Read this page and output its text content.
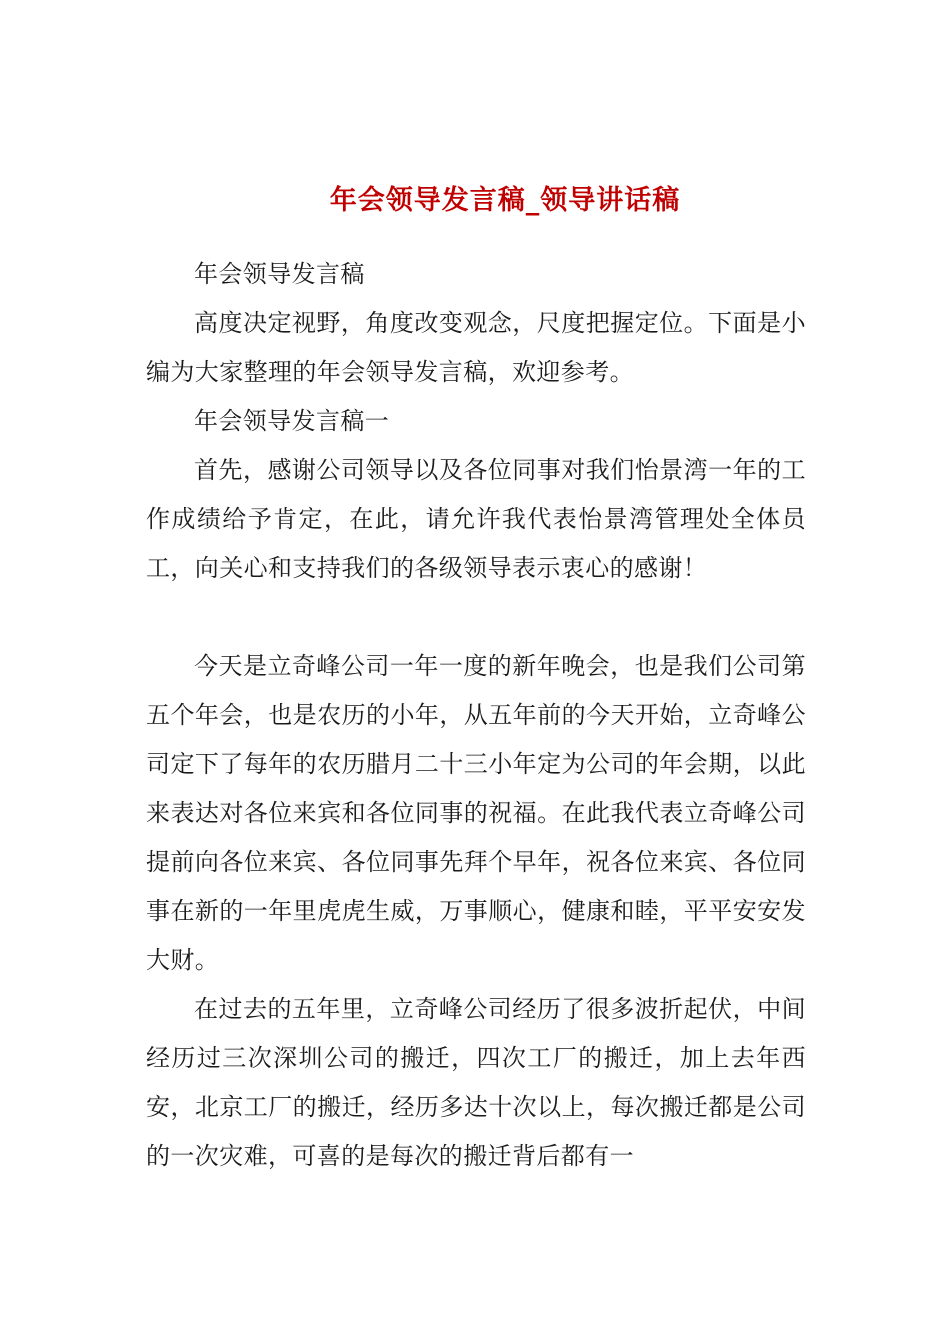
年会领导发言稿_领导讲话稿

年会领导发言稿

高度决定视野，角度改变观念，尺度把握定位。下面是小编为大家整理的年会领导发言稿，欢迎参考。

年会领导发言稿一

首先，感谢公司领导以及各位同事对我们怡景湾一年的工作成绩给予肯定，在此，请允许我代表怡景湾管理处全体员工，向关心和支持我们的各级领导表示衷心的感谢！

今天是立奇峰公司一年一度的新年晚会，也是我们公司第五个年会，也是农历的小年，从五年前的今天开始，立奇峰公司定下了每年的农历腊月二十三小年定为公司的年会期，以此来表达对各位来宾和各位同事的祝福。在此我代表立奇峰公司提前向各位来宾、各位同事先拜个早年，祝各位来宾、各位同事在新的一年里虎虎生威，万事顺心，健康和睦，平平安安发大财。

在过去的五年里，立奇峰公司经历了很多波折起伏，中间经历过三次深圳公司的搬迁，四次工厂的搬迁，加上去年西安，北京工厂的搬迁，经历多达十次以上，每次搬迁都是公司的一次灾难，可喜的是每次的搬迁背后都有一
